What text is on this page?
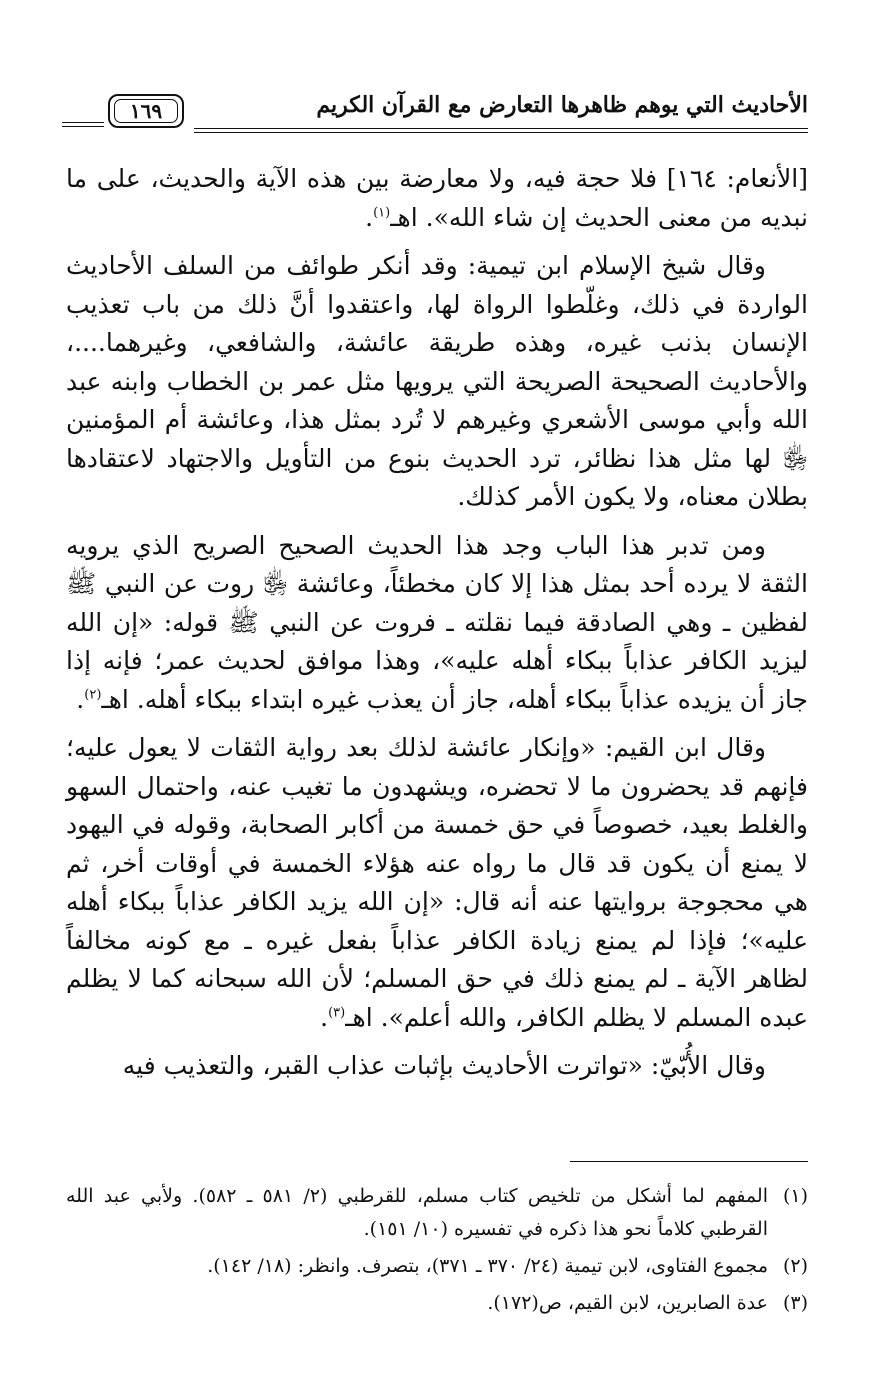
الأحاديث التي يوهم ظاهرها التعارض مع القرآن الكريم
١٦٩

[الأنعام: ١٦٤] فلا حجة فيه، ولا معارضة بين هذه الآية والحديث، على ما نبديه من معنى الحديث إن شاء الله». اهـ$^{(١)}$.

وقال شيخ الإسلام ابن تيمية: وقد أنكر طوائف من السلف الأحاديث الواردة في ذلك، وغلّطوا الرواة لها، واعتقدوا أنَّ ذلك من باب تعذيب الإنسان بذنب غيره، وهذه طريقة عائشة، والشافعي، وغيرهما....، والأحاديث الصحيحة الصريحة التي يرويها مثل عمر بن الخطاب وابنه عبد الله وأبي موسى الأشعري وغيرهم لا تُرد بمثل هذا، وعائشة أم المؤمنين ﵂ لها مثل هذا نظائر، ترد الحديث بنوع من التأويل والاجتهاد لاعتقادها بطلان معناه، ولا يكون الأمر كذلك.

ومن تدبر هذا الباب وجد هذا الحديث الصحيح الصريح الذي يرويه الثقة لا يرده أحد بمثل هذا إلا كان مخطئاً، وعائشة ﵂ روت عن النبي ﷺ لفظين ـ وهي الصادقة فيما نقلته ـ فروت عن النبي ﷺ قوله: «إن الله ليزيد الكافر عذاباً ببكاء أهله عليه»، وهذا موافق لحديث عمر؛ فإنه إذا جاز أن يزيده عذاباً ببكاء أهله، جاز أن يعذب غيره ابتداء ببكاء أهله. اهـ$^{(٢)}$.

وقال ابن القيم: «وإنكار عائشة لذلك بعد رواية الثقات لا يعول عليه؛ فإنهم قد يحضرون ما لا تحضره، ويشهدون ما تغيب عنه، واحتمال السهو والغلط بعيد، خصوصاً في حق خمسة من أكابر الصحابة، وقوله في اليهود لا يمنع أن يكون قد قال ما رواه عنه هؤلاء الخمسة في أوقات أخر، ثم هي محجوجة بروايتها عنه أنه قال: «إن الله يزيد الكافر عذاباً ببكاء أهله عليه»؛ فإذا لم يمنع زيادة الكافر عذاباً بفعل غيره ـ مع كونه مخالفاً لظاهر الآية ـ لم يمنع ذلك في حق المسلم؛ لأن الله سبحانه كما لا يظلم عبده المسلم لا يظلم الكافر، والله أعلم». اهـ$^{(٣)}$.

وقال الأُبّيّ: «تواترت الأحاديث بإثبات عذاب القبر، والتعذيب فيه

(١)
المفهم لما أشكل من تلخيص كتاب مسلم، للقرطبي (٢/ ٥٨١ ـ ٥٨٢). ولأبي عبد الله القرطبي كلاماً نحو هذا ذكره في تفسيره (١٠/ ١٥١).
(٢)
مجموع الفتاوى، لابن تيمية (٢٤/ ٣٧٠ ـ ٣٧١)، بتصرف. وانظر: (١٨/ ١٤٢).
(٣)
عدة الصابرين، لابن القيم، ص(١٧٢).
